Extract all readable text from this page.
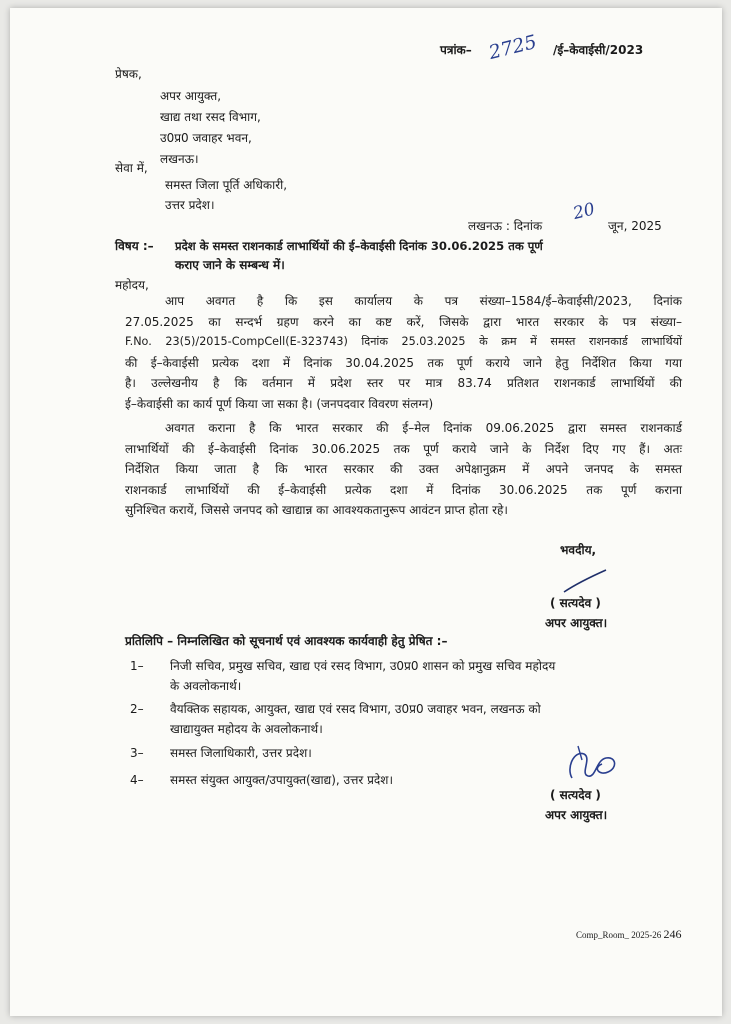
पत्रांक– 2725 /ई–केवाईसी/2023
प्रेषक,
अपर आयुक्त,
खाद्य तथा रसद विभाग,
उ0प्र0 जवाहर भवन,
लखनऊ।
सेवा में,
समस्त जिला पूर्ति अधिकारी,
उत्तर प्रदेश।
लखनऊ : दिनांक
20
जून, 2025
विषय :– प्रदेश के समस्त राशनकार्ड लाभार्थियों की ई–केवाईसी दिनांक 30.06.2025 तक पूर्ण
कराए जाने के सम्बन्ध में।
महोदय,
आप अवगत है कि इस कार्यालय के पत्र संख्या–1584/ई–केवाईसी/2023, दिनांक
27.05.2025 का सन्दर्भ ग्रहण करने का कष्ट करें, जिसके द्वारा भारत सरकार के पत्र संख्या–
F.No. 23(5)/2015-CompCell(E-323743) दिनांक 25.03.2025 के क्रम में समस्त राशनकार्ड लाभार्थियों
की ई–केवाईसी प्रत्येक दशा में दिनांक 30.04.2025 तक पूर्ण कराये जाने हेतु निर्देशित किया गया
है। उल्लेखनीय है कि वर्तमान में प्रदेश स्तर पर मात्र 83.74 प्रतिशत राशनकार्ड लाभार्थियों की
ई–केवाईसी का कार्य पूर्ण किया जा सका है। (जनपदवार विवरण संलग्न)
अवगत कराना है कि भारत सरकार की ई–मेल दिनांक 09.06.2025 द्वारा समस्त राशनकार्ड
लाभार्थियों की ई–केवाईसी दिनांक 30.06.2025 तक पूर्ण कराये जाने के निर्देश दिए गए हैं। अतः
निर्देशित किया जाता है कि भारत सरकार की उक्त अपेक्षानुक्रम में अपने जनपद के समस्त
राशनकार्ड लाभार्थियों की ई–केवाईसी प्रत्येक दशा में दिनांक 30.06.2025 तक पूर्ण कराना
सुनिश्चित करायें, जिससे जनपद को खाद्यान्न का आवश्यकतानुरूप आवंटन प्राप्त होता रहे।
भवदीय,
( सत्यदेव )
अपर आयुक्त।
प्रतिलिपि – निम्नलिखित को सूचनार्थ एवं आवश्यक कार्यवाही हेतु प्रेषित :–
1– निजी सचिव, प्रमुख सचिव, खाद्य एवं रसद विभाग, उ0प्र0 शासन को प्रमुख सचिव महोदय
के अवलोकनार्थ।
2– वैयक्तिक सहायक, आयुक्त, खाद्य एवं रसद विभाग, उ0प्र0 जवाहर भवन, लखनऊ को
खाद्यायुक्त महोदय के अवलोकनार्थ।
3– समस्त जिलाधिकारी, उत्तर प्रदेश।
4– समस्त संयुक्त आयुक्त/उपायुक्त(खाद्य), उत्तर प्रदेश।
( सत्यदेव )
अपर आयुक्त।
Comp_Room_ 2025-26 246
